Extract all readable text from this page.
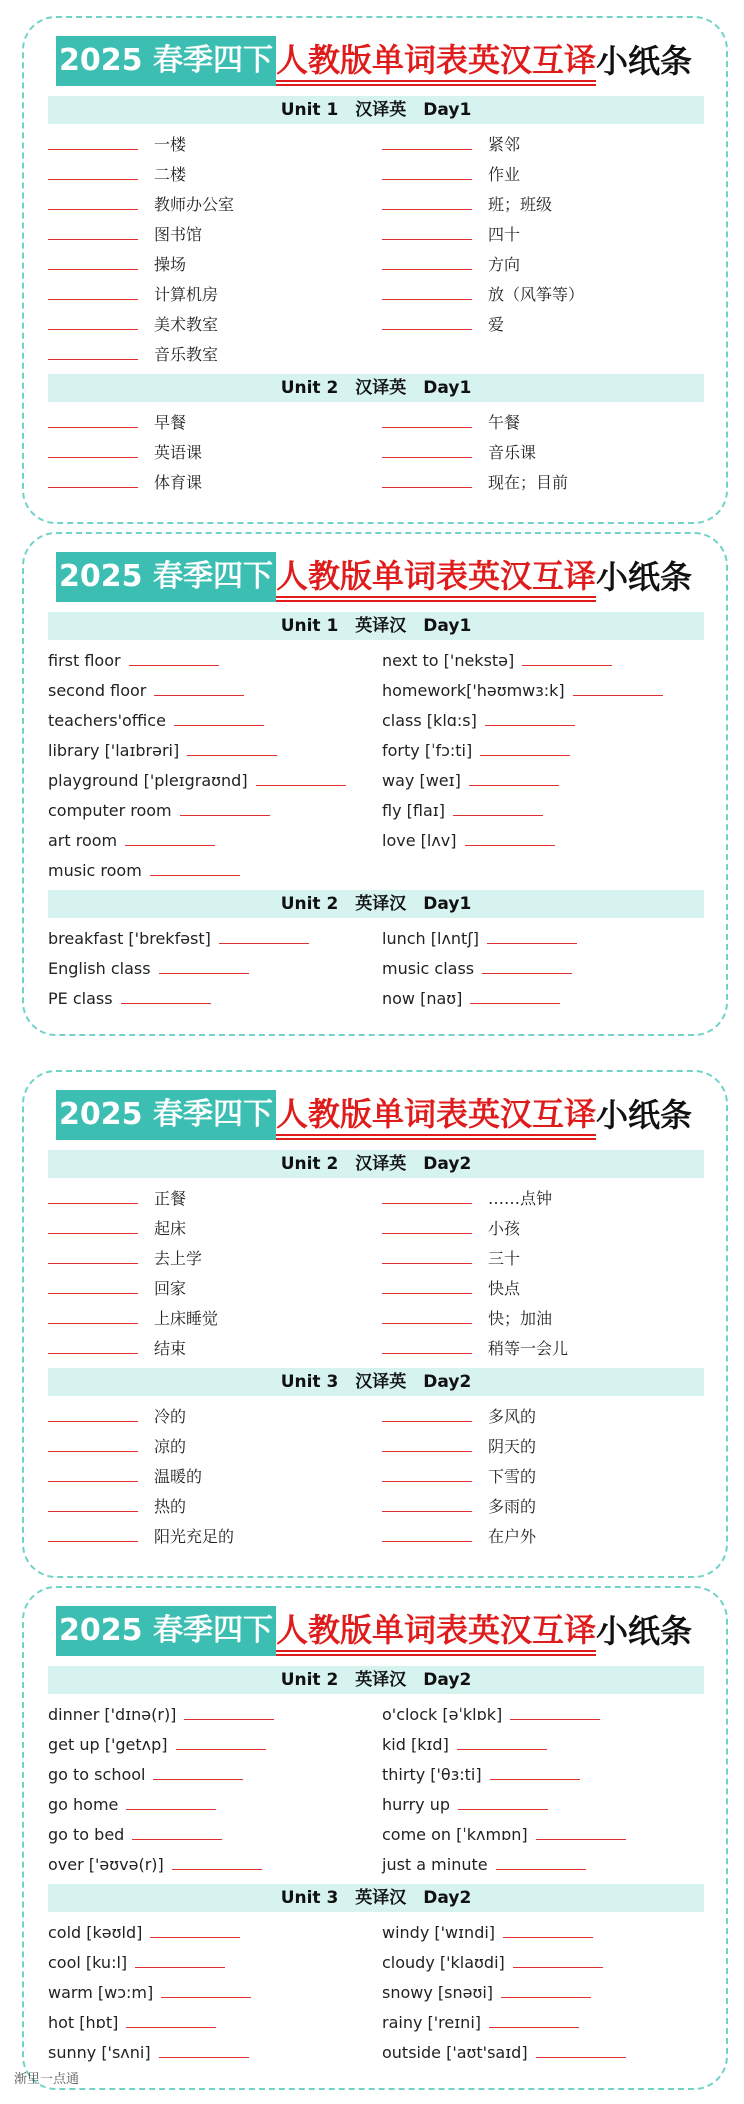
2025 春季四下 人教版单词表英汉互译 小纸条
Unit 1　汉译英　Day1
一楼	紧邻
二楼	作业
教师办公室	班；班级
图书馆	四十
操场	方向
计算机房	放（风筝等）
美术教室	爱
音乐教室
Unit 2　汉译英　Day1
早餐	午餐
英语课	音乐课
体育课	现在；目前
2025 春季四下 人教版单词表英汉互译 小纸条
Unit 1　英译汉　Day1
first floor	next to ['nekstə]
second floor	homework['həʊmwɜ:k]
teachers'office	class [klɑ:s]
library ['laɪbrəri]	forty [ˈfɔ:ti]
playground ['pleɪgraʊnd]	way [weɪ]
computer room	fly [flaɪ]
art room	love [lʌv]
music room
Unit 2　英译汉　Day1
breakfast ['brekfəst]	lunch [lʌntʃ]
English class	music class
PE class	now [naʊ]
2025 春季四下 人教版单词表英汉互译 小纸条
Unit 2　汉译英　Day2
正餐	……点钟
起床	小孩
去上学	三十
回家	快点
上床睡觉	快；加油
结束	稍等一会儿
Unit 3　汉译英　Day2
冷的	多风的
凉的	阴天的
温暖的	下雪的
热的	多雨的
阳光充足的	在户外
2025 春季四下 人教版单词表英汉互译 小纸条
Unit 2　英译汉　Day2
dinner ['dɪnə(r)]	o'clock [əˈklɒk]
get up ['getʌp]	kid [kɪd]
go to school	thirty ['θɜ:ti]
go home	hurry up
go to bed	come on [ˈkʌmɒn]
over ['əʊvə(r)]	just a minute
Unit 3　英译汉　Day2
cold [kəʊld]	windy ['wɪndi]
cool [ku:l]	cloudy ['klaʊdi]
warm [wɔ:m]	snowy [snəʊi]
hot [hɒt]	rainy ['reɪni]
sunny ['sʌni]	outside ['aʊt'saɪd]
渐里一点通
